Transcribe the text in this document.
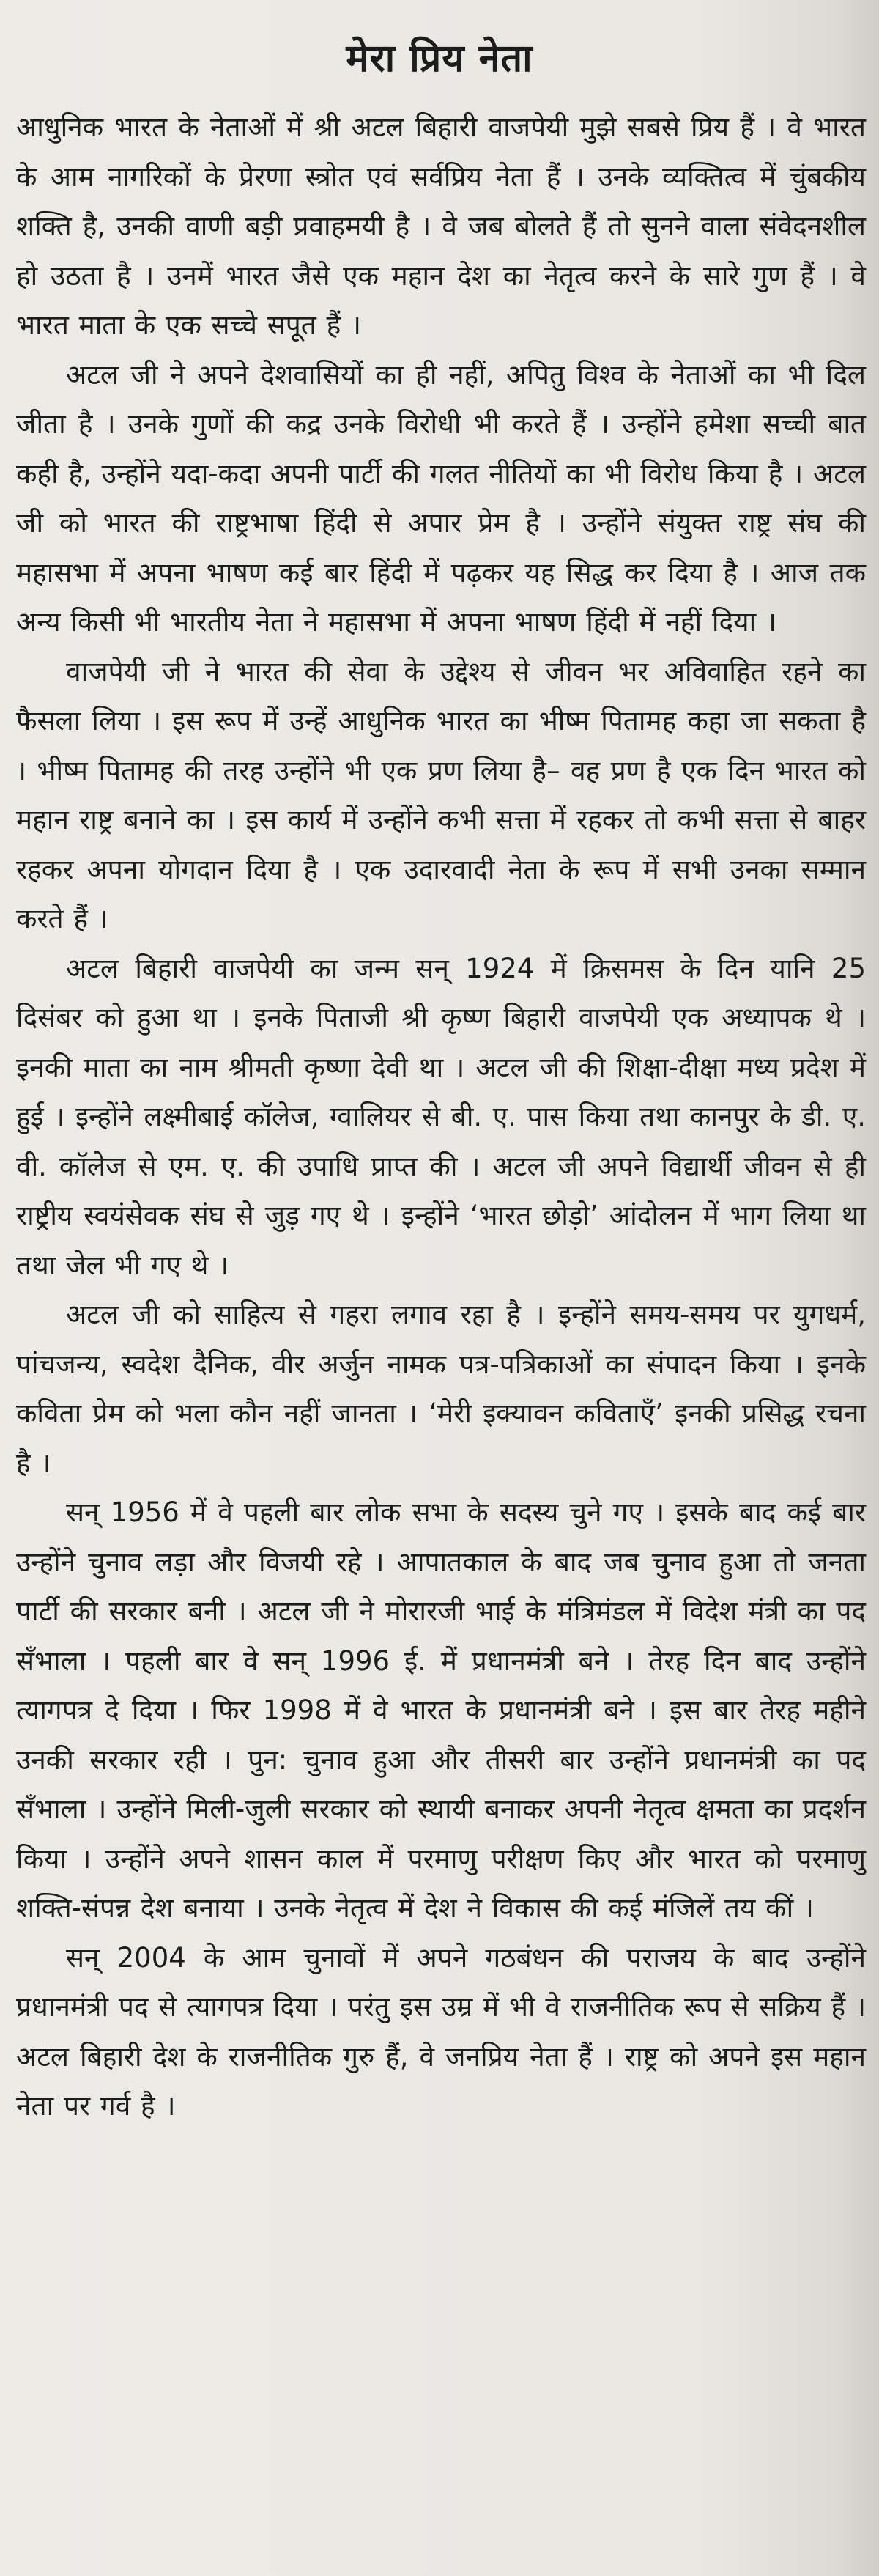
मेरा प्रिय नेता

आधुनिक भारत के नेताओं में श्री अटल बिहारी वाजपेयी मुझे सबसे प्रिय हैं । वे भारत के आम नागरिकों के प्रेरणा स्त्रोत एवं सर्वप्रिय नेता हैं । उनके व्यक्तित्व में चुंबकीय शक्ति है, उनकी वाणी बड़ी प्रवाहमयी है । वे जब बोलते हैं तो सुनने वाला संवेदनशील हो उठता है । उनमें भारत जैसे एक महान देश का नेतृत्व करने के सारे गुण हैं । वे भारत माता के एक सच्चे सपूत हैं ।

अटल जी ने अपने देशवासियों का ही नहीं, अपितु विश्व के नेताओं का भी दिल जीता है । उनके गुणों की कद्र उनके विरोधी भी करते हैं । उन्होंने हमेशा सच्ची बात कही है, उन्होंने यदा-कदा अपनी पार्टी की गलत नीतियों का भी विरोध किया है । अटल जी को भारत की राष्ट्रभाषा हिंदी से अपार प्रेम है । उन्होंने संयुक्त राष्ट्र संघ की महासभा में अपना भाषण कई बार हिंदी में पढ़कर यह सिद्ध कर दिया है । आज तक अन्य किसी भी भारतीय नेता ने महासभा में अपना भाषण हिंदी में नहीं दिया ।

वाजपेयी जी ने भारत की सेवा के उद्देश्य से जीवन भर अविवाहित रहने का फैसला लिया । इस रूप में उन्हें आधुनिक भारत का भीष्म पितामह कहा जा सकता है । भीष्म पितामह की तरह उन्होंने भी एक प्रण लिया है– वह प्रण है एक दिन भारत को महान राष्ट्र बनाने का । इस कार्य में उन्होंने कभी सत्ता में रहकर तो कभी सत्ता से बाहर रहकर अपना योगदान दिया है । एक उदारवादी नेता के रूप में सभी उनका सम्मान करते हैं ।

अटल बिहारी वाजपेयी का जन्म सन् 1924 में क्रिसमस के दिन यानि 25 दिसंबर को हुआ था । इनके पिताजी श्री कृष्ण बिहारी वाजपेयी एक अध्यापक थे । इनकी माता का नाम श्रीमती कृष्णा देवी था । अटल जी की शिक्षा-दीक्षा मध्य प्रदेश में हुई । इन्होंने लक्ष्मीबाई कॉलेज, ग्वालियर से बी. ए. पास किया तथा कानपुर के डी. ए. वी. कॉलेज से एम. ए. की उपाधि प्राप्त की । अटल जी अपने विद्यार्थी जीवन से ही राष्ट्रीय स्वयंसेवक संघ से जुड़ गए थे । इन्होंने ‘भारत छोड़ो’ आंदोलन में भाग लिया था तथा जेल भी गए थे ।

अटल जी को साहित्य से गहरा लगाव रहा है । इन्होंने समय-समय पर युगधर्म, पांचजन्य, स्वदेश दैनिक, वीर अर्जुन नामक पत्र-पत्रिकाओं का संपादन किया । इनके कविता प्रेम को भला कौन नहीं जानता । ‘मेरी इक्यावन कविताएँ’ इनकी प्रसिद्ध रचना है ।

सन् 1956 में वे पहली बार लोक सभा के सदस्य चुने गए । इसके बाद कई बार उन्होंने चुनाव लड़ा और विजयी रहे । आपातकाल के बाद जब चुनाव हुआ तो जनता पार्टी की सरकार बनी । अटल जी ने मोरारजी भाई के मंत्रिमंडल में विदेश मंत्री का पद सँभाला । पहली बार वे सन् 1996 ई. में प्रधानमंत्री बने । तेरह दिन बाद उन्होंने त्यागपत्र दे दिया । फिर 1998 में वे भारत के प्रधानमंत्री बने । इस बार तेरह महीने उनकी सरकार रही । पुन: चुनाव हुआ और तीसरी बार उन्होंने प्रधानमंत्री का पद सँभाला । उन्होंने मिली-जुली सरकार को स्थायी बनाकर अपनी नेतृत्व क्षमता का प्रदर्शन किया । उन्होंने अपने शासन काल में परमाणु परीक्षण किए और भारत को परमाणु शक्ति-संपन्न देश बनाया । उनके नेतृत्व में देश ने विकास की कई मंजिलें तय कीं ।

सन् 2004 के आम चुनावों में अपने गठबंधन की पराजय के बाद उन्होंने प्रधानमंत्री पद से त्यागपत्र दिया । परंतु इस उम्र में भी वे राजनीतिक रूप से सक्रिय हैं । अटल बिहारी देश के राजनीतिक गुरु हैं, वे जनप्रिय नेता हैं । राष्ट्र को अपने इस महान नेता पर गर्व है ।
